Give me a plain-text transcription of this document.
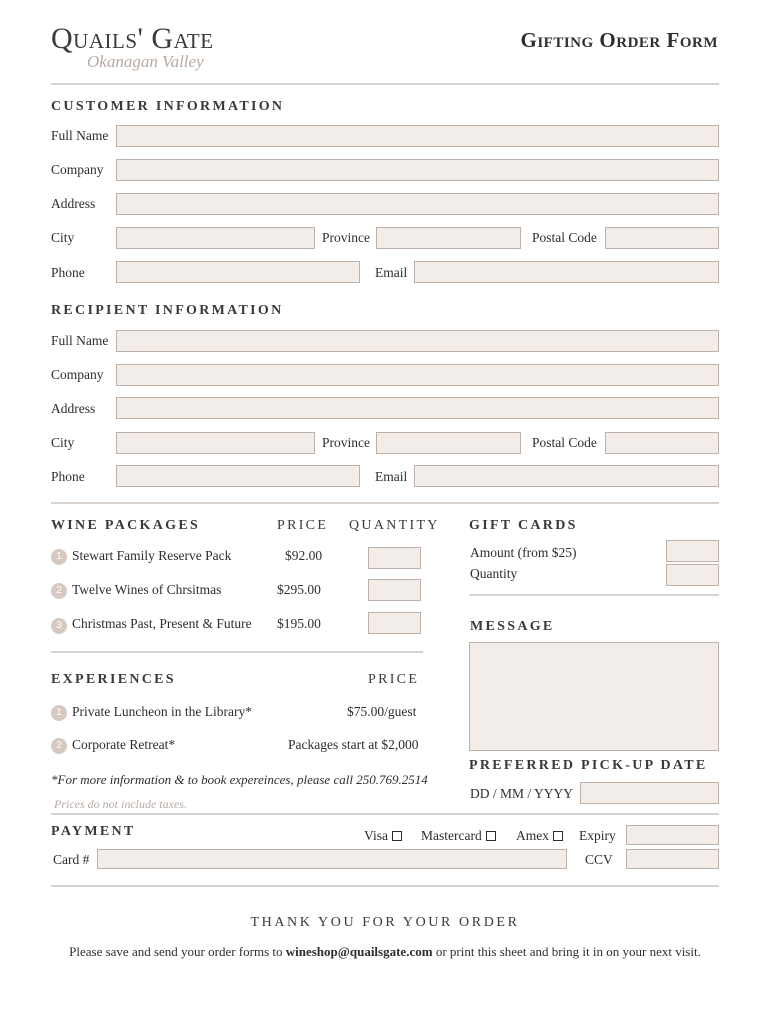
Quails' Gate
Okanagan Valley
Gifting Order Form
CUSTOMER INFORMATION
Full Name
Company
Address
City	Province	Postal Code
Phone	Email
RECIPIENT INFORMATION
Full Name
Company
Address
City	Province	Postal Code
Phone	Email
WINE PACKAGES	PRICE QUANTITY
1 Stewart Family Reserve Pack	$92.00
2 Twelve Wines of Chrsitmas	$295.00
3 Christmas Past, Present & Future $195.00
GIFT CARDS
Amount (from $25)
Quantity
MESSAGE
EXPERIENCES	PRICE
1 Private Luncheon in the Library*	$75.00/guest
2 Corporate Retreat*	Packages start at $2,000
*For more information & to book expereinces, please call 250.769.2514
Prices do not include taxes.
PREFERRED PICK-UP DATE
DD / MM / YYYY
PAYMENT	Visa	Mastercard	Amex	Expiry
Card #	CCV
THANK YOU FOR YOUR ORDER
Please save and send your order forms to wineshop@quailsgate.com or print this sheet and bring it in on your next visit.
